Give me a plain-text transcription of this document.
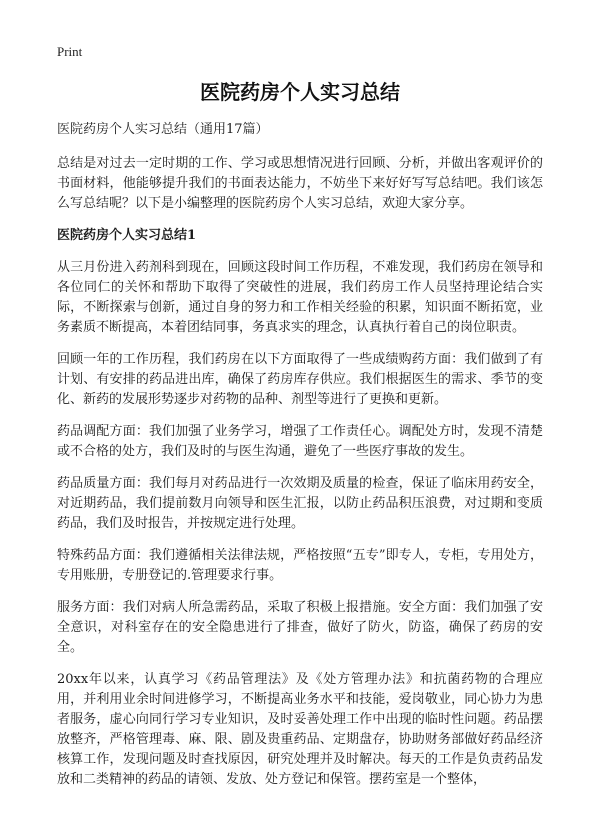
Print
医院药房个人实习总结

医院药房个人实习总结（通用17篇）

总结是对过去一定时期的工作、学习或思想情况进行回顾、分析，并做出客观评价的书面材料，他能够提升我们的书面表达能力，不妨坐下来好好写写总结吧。我们该怎么写总结呢？以下是小编整理的医院药房个人实习总结，欢迎大家分享。

医院药房个人实习总结1

从三月份进入药剂科到现在，回顾这段时间工作历程，不难发现，我们药房在领导和各位同仁的关怀和帮助下取得了突破性的进展，我们药房工作人员坚持理论结合实际，不断探索与创新，通过自身的努力和工作相关经验的积累，知识面不断拓宽，业务素质不断提高，本着团结同事，务真求实的理念，认真执行着自己的岗位职责。

回顾一年的工作历程，我们药房在以下方面取得了一些成绩购药方面：我们做到了有计划、有安排的药品进出库，确保了药房库存供应。我们根据医生的需求、季节的变化、新药的发展形势逐步对药物的品种、剂型等进行了更换和更新。

药品调配方面：我们加强了业务学习，增强了工作责任心。调配处方时，发现不清楚或不合格的处方，我们及时的与医生沟通，避免了一些医疗事故的发生。

药品质量方面：我们每月对药品进行一次效期及质量的检查，保证了临床用药安全，对近期药品，我们提前数月向领导和医生汇报，以防止药品积压浪费，对过期和变质药品，我们及时报告，并按规定进行处理。

特殊药品方面：我们遵循相关法律法规，严格按照“五专”即专人，专柜，专用处方，专用账册，专册登记的.管理要求行事。

服务方面：我们对病人所急需药品，采取了积极上报措施。安全方面：我们加强了安全意识，对科室存在的安全隐患进行了排查，做好了防火，防盗，确保了药房的安全。

20xx年以来，认真学习《药品管理法》及《处方管理办法》和抗菌药物的合理应用，并利用业余时间进修学习，不断提高业务水平和技能，爱岗敬业，同心协力为患者服务，虚心向同行学习专业知识，及时妥善处理工作中出现的临时性问题。药品摆放整齐，严格管理毒、麻、限、剧及贵重药品、定期盘存，协助财务部做好药品经济核算工作，发现问题及时查找原因，研究处理并及时解决。每天的工作是负责药品发放和二类精神的药品的请领、发放、处方登记和保管。摆药室是一个整体，
